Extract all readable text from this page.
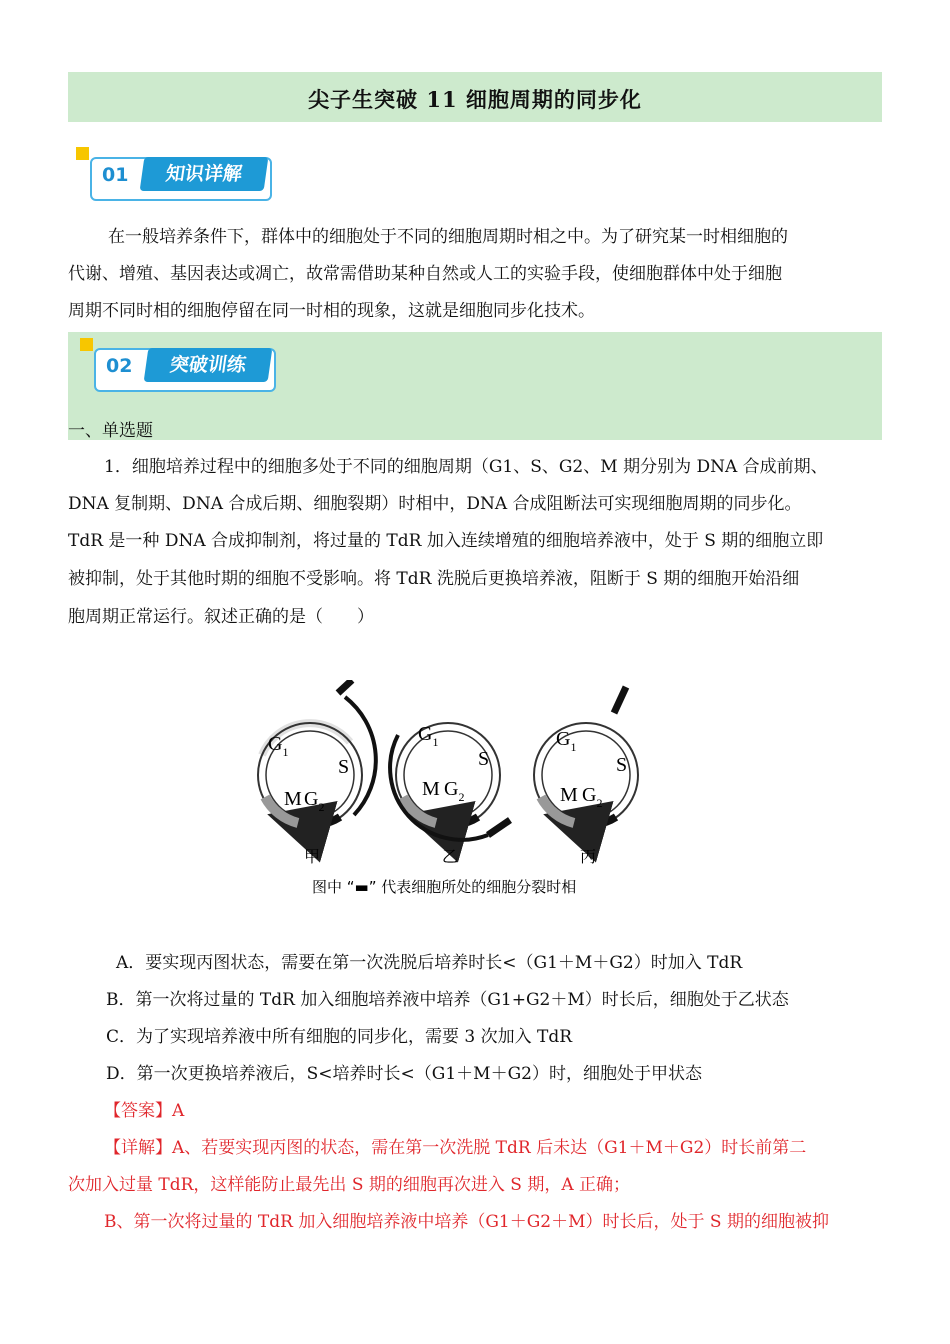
尖子生突破 11 细胞周期的同步化
01	知识详解

在一般培养条件下，群体中的细胞处于不同的细胞周期时相之中。为了研究某一时相细胞的

代谢、增殖、基因表达或凋亡，故常需借助某种自然或人工的实验手段，使细胞群体中处于细胞

周期不同时相的细胞停留在同一时相的现象，这就是细胞同步化技术。

02	突破训练

一、单选题

1．细胞培养过程中的细胞多处于不同的细胞周期（G1、S、G2、M 期分别为 DNA 合成前期、

DNA 复制期、DNA 合成后期、细胞裂期）时相中，DNA 合成阻断法可实现细胞周期的同步化。

TdR 是一种 DNA 合成抑制剂，将过量的 TdR 加入连续增殖的细胞培养液中，处于 S 期的细胞立即

被抑制，处于其他时期的细胞不受影响。将 TdR 洗脱后更换培养液，阻断于 S 期的细胞开始沿细

胞周期正常运行。叙述正确的是（　　）

$G_1$
S
M $G_2$
甲
$G_1$
S
M $G_2$
乙
$G_1$
S
M $G_2$
丙
图中 “▬” 代表细胞所处的细胞分裂时相

A．要实现丙图状态，需要在第一次洗脱后培养时长<（G1＋M＋G2）时加入 TdR

B．第一次将过量的 TdR 加入细胞培养液中培养（G1+G2＋M）时长后，细胞处于乙状态

C．为了实现培养液中所有细胞的同步化，需要 3 次加入 TdR

D．第一次更换培养液后，S<培养时长<（G1＋M＋G2）时，细胞处于甲状态

【答案】A

【详解】A、若要实现丙图的状态，需在第一次洗脱 TdR 后未达（G1＋M＋G2）时长前第二

次加入过量 TdR，这样能防止最先出 S 期的细胞再次进入 S 期，A 正确；

B、第一次将过量的 TdR 加入细胞培养液中培养（G1＋G2＋M）时长后，处于 S 期的细胞被抑
